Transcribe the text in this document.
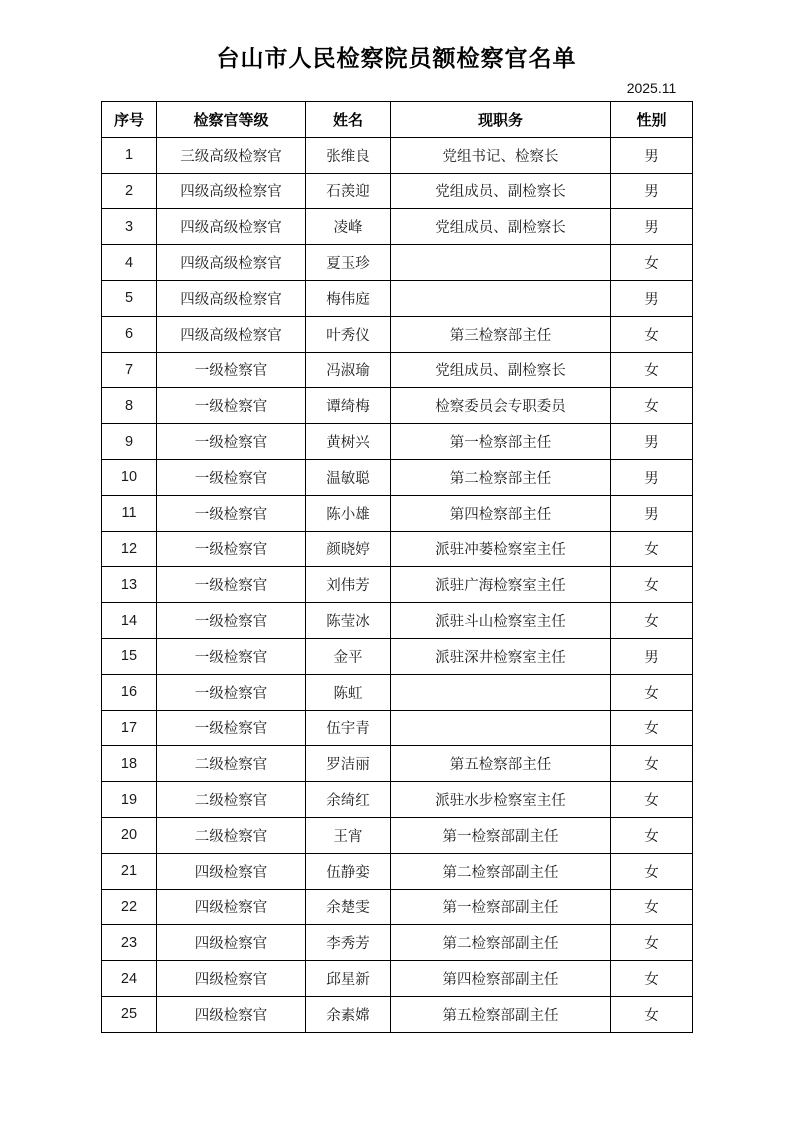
台山市人民检察院员额检察官名单
2025.11
序号	检察官等级	姓名	现职务	性别
1	三级高级检察官	张维良	党组书记、检察长	男
2	四级高级检察官	石羡迎	党组成员、副检察长	男
3	四级高级检察官	凌峰	党组成员、副检察长	男
4	四级高级检察官	夏玉珍		女
5	四级高级检察官	梅伟庭		男
6	四级高级检察官	叶秀仪	第三检察部主任	女
7	一级检察官	冯淑瑜	党组成员、副检察长	女
8	一级检察官	谭绮梅	检察委员会专职委员	女
9	一级检察官	黄树兴	第一检察部主任	男
10	一级检察官	温敏聪	第二检察部主任	男
11	一级检察官	陈小雄	第四检察部主任	男
12	一级检察官	颜晓婷	派驻冲蒌检察室主任	女
13	一级检察官	刘伟芳	派驻广海检察室主任	女
14	一级检察官	陈莹冰	派驻斗山检察室主任	女
15	一级检察官	金平	派驻深井检察室主任	男
16	一级检察官	陈虹		女
17	一级检察官	伍宇青		女
18	二级检察官	罗洁丽	第五检察部主任	女
19	二级检察官	余绮红	派驻水步检察室主任	女
20	二级检察官	王宵	第一检察部副主任	女
21	四级检察官	伍静娈	第二检察部副主任	女
22	四级检察官	余楚雯	第一检察部副主任	女
23	四级检察官	李秀芳	第二检察部副主任	女
24	四级检察官	邱星新	第四检察部副主任	女
25	四级检察官	余素嫦	第五检察部副主任	女
